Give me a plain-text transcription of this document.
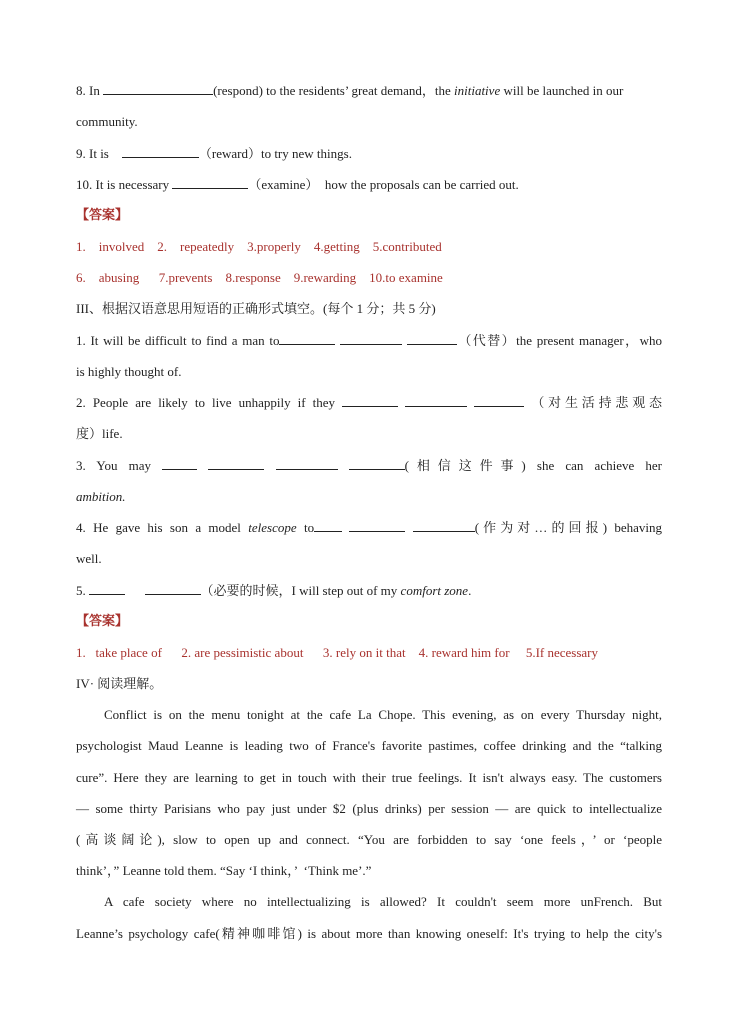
8. In	(respond) to the residents’ great demand，the initiative will be launched in our
community.
9. It is	（reward）to try new things.
10. It is necessary	（examine）  how the proposals can be carried out.
【答案】
1.    involved    2.    repeatedly    3.properly    4.getting    5.contributed
6.    abusing      7.prevents    8.response    9.rewarding    10.to examine
III、根据汉语意思用短语的正确形式填空。(每个 1 分；共 5 分)
1. It will be difficult to find a man to	（代替）the present manager，who
is highly thought of.
2. People are likely to live unhappily if they	（对生活持悲观态
度）life.
3. You may	(相信这件事) she can achieve her
ambition.
4. He gave his son a model telescope to	(作为对…的回报) behaving
well.
5.	（必要的时候，I will step out of my comfort zone.
【答案】
1.   take place of      2. are pessimistic about      3. rely on it that    4. reward him for     5.If necessary
IV· 阅读理解。
Conflict is on the menu tonight at the cafe La Chope. This evening, as on every Thursday night,
psychologist Maud Leanne is leading two of France's favorite pastimes, coffee drinking and the “talking
cure”. Here they are learning to get in touch with their true feelings. It isn't always easy. The customers
— some thirty Parisians who pay just under $2 (plus drinks) per session — are quick to intellectualize
(高谈阔论), slow to open up and connect. “You are forbidden to say ‘one feels，’ or ‘people
think’，” Leanne told them. “Say ‘I think，’  ‘Think me’.”
A cafe society where no intellectualizing is allowed? It couldn't seem more unFrench. But
Leanne’s psychology cafe(精神咖啡馆) is about more than knowing oneself: It's trying to help the city's
